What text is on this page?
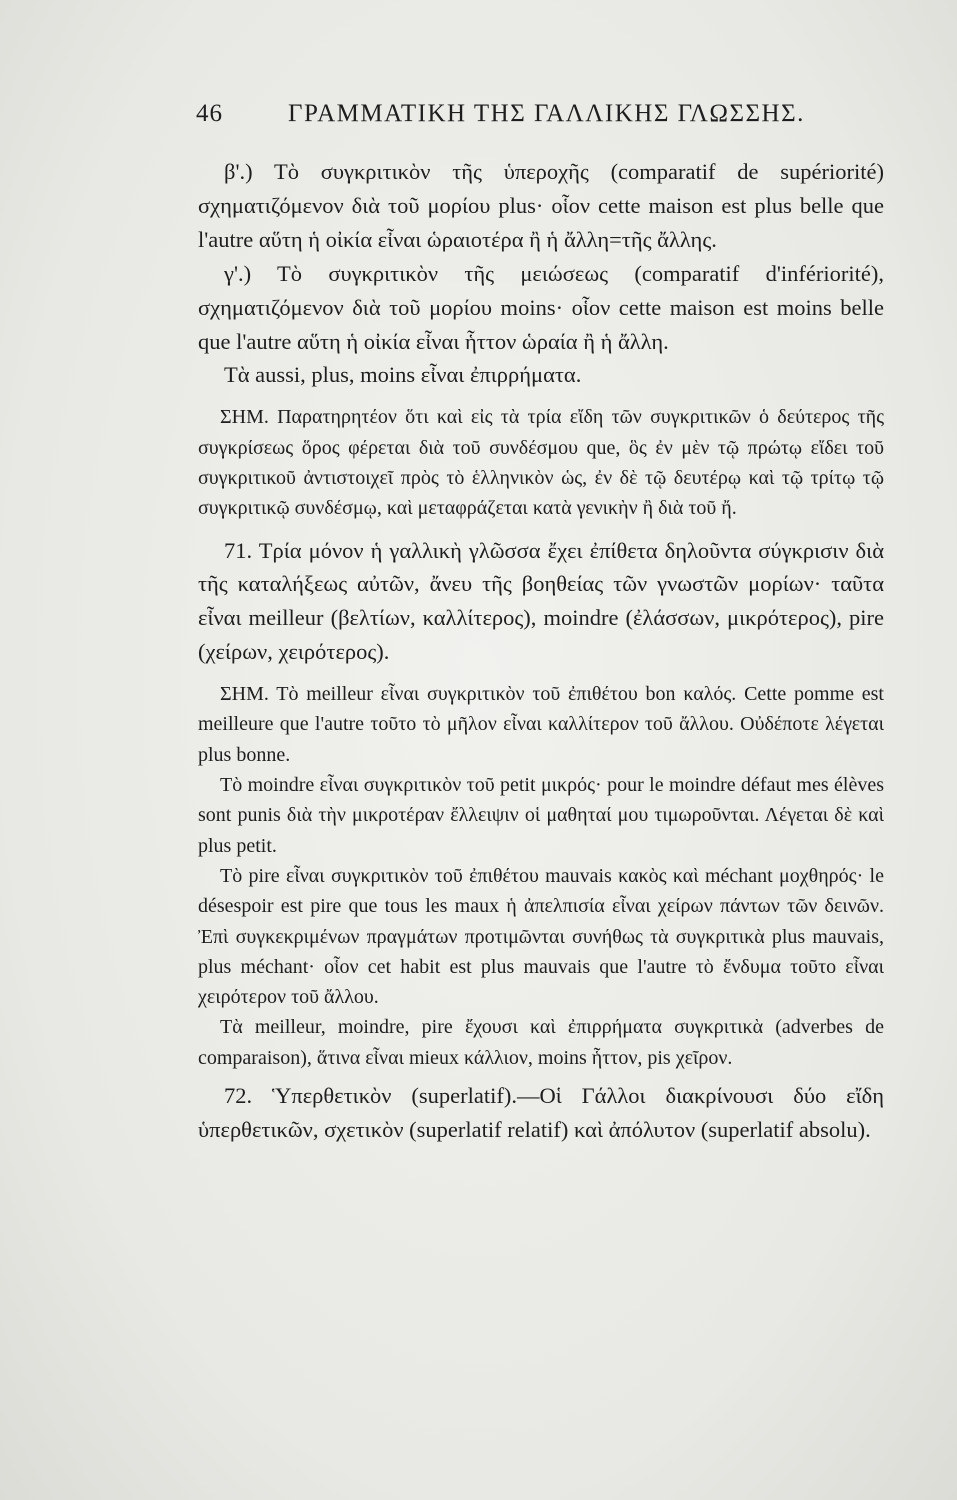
46	ΓΡΑΜΜΑΤΙΚΗ ΤΗΣ ΓΑΛΛΙΚΗΣ ΓΛΩΣΣΗΣ.

β'.) Τὸ συγκριτικὸν τῆς ὑπεροχῆς (comparatif de supériorité) σχηματιζόμενον διὰ τοῦ μορίου plus· οἷον cette maison est plus belle que l'autre αὕτη ἡ οἰκία εἶναι ὡραιοτέρα ἢ ἡ ἄλλη=τῆς ἄλλης.

γ'.) Τὸ συγκριτικὸν τῆς μειώσεως (comparatif d'infériorité), σχηματιζόμενον διὰ τοῦ μορίου moins· οἷον cette maison est moins belle que l'autre αὕτη ἡ οἰκία εἶναι ἧττον ὡραία ἢ ἡ ἄλλη.

Τὰ aussi, plus, moins εἶναι ἐπιρρήματα.

ΣΗΜ. Παρατηρητέον ὅτι καὶ εἰς τὰ τρία εἴδη τῶν συγκριτικῶν ὁ δεύτερος τῆς συγκρίσεως ὅρος φέρεται διὰ τοῦ συνδέσμου que, ὃς ἐν μὲν τῷ πρώτῳ εἴδει τοῦ συγκριτικοῦ ἀντιστοιχεῖ πρὸς τὸ ἑλληνικὸν ὡς, ἐν δὲ τῷ δευτέρῳ καὶ τῷ τρίτῳ τῷ συγκριτικῷ συνδέσμῳ, καὶ μεταφράζεται κατὰ γενικὴν ἢ διὰ τοῦ ἤ.

71. Τρία μόνον ἡ γαλλικὴ γλῶσσα ἔχει ἐπίθετα δηλοῦντα σύγκρισιν διὰ τῆς καταλήξεως αὐτῶν, ἄνευ τῆς βοηθείας τῶν γνωστῶν μορίων· ταῦτα εἶναι meilleur (βελτίων, καλλίτερος), moindre (ἐλάσσων, μικρότερος), pire (χείρων, χειρότερος).

ΣΗΜ. Τὸ meilleur εἶναι συγκριτικὸν τοῦ ἐπιθέτου bon καλός. Cette pomme est meilleure que l'autre τοῦτο τὸ μῆλον εἶναι καλλίτερον τοῦ ἄλλου. Οὐδέποτε λέγεται plus bonne.

Τὸ moindre εἶναι συγκριτικὸν τοῦ petit μικρός· pour le moindre défaut mes élèves sont punis διὰ τὴν μικροτέραν ἔλλειψιν οἱ μαθηταί μου τιμωροῦνται. Λέγεται δὲ καὶ plus petit.

Τὸ pire εἶναι συγκριτικὸν τοῦ ἐπιθέτου mauvais κακὸς καὶ méchant μοχθηρός· le désespoir est pire que tous les maux ἡ ἀπελπισία εἶναι χείρων πάντων τῶν δεινῶν. Ἐπὶ συγκεκριμένων πραγμάτων προτιμῶνται συνήθως τὰ συγκριτικὰ plus mauvais, plus méchant· οἷον cet habit est plus mauvais que l'autre τὸ ἔνδυμα τοῦτο εἶναι χειρότερον τοῦ ἄλλου.

Τὰ meilleur, moindre, pire ἔχουσι καὶ ἐπιρρήματα συγκριτικὰ (adverbes de comparaison), ἅτινα εἶναι mieux κάλλιον, moins ἧττον, pis χεῖρον.

72. Ὑπερθετικὸν (superlatif).—Οἱ Γάλλοι διακρίνουσι δύο εἴδη ὑπερθετικῶν, σχετικὸν (superlatif relatif) καὶ ἀπόλυτον (superlatif absolu).
